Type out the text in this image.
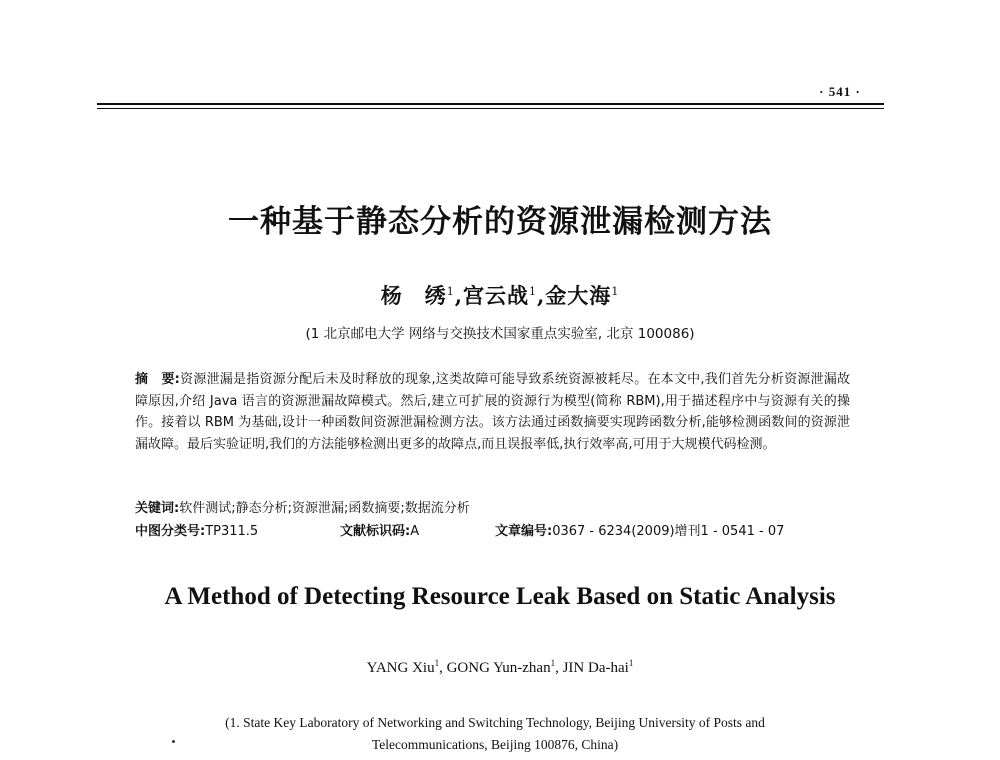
· 541 ·
一种基于静态分析的资源泄漏检测方法
杨　绣$^1$,宫云战$^1$,金大海$^1$
(1 北京邮电大学 网络与交换技术国家重点实验室, 北京 100086)
摘　要:资源泄漏是指资源分配后未及时释放的现象,这类故障可能导致系统资源被耗尽。在本文中,我们首先分析资源泄漏故障原因,介绍 Java 语言的资源泄漏故障模式。然后,建立可扩展的资源行为模型(简称 RBM),用于描述程序中与资源有关的操作。接着以 RBM 为基础,设计一种函数间资源泄漏检测方法。该方法通过函数摘要实现跨函数分析,能够检测函数间的资源泄漏故障。最后实验证明,我们的方法能够检测出更多的故障点,而且误报率低,执行效率高,可用于大规模代码检测。
关键词:软件测试;静态分析;资源泄漏;函数摘要;数据流分析
中图分类号:TP311.5	文献标识码:A	文章编号:0367 - 6234(2009)增刊1 - 0541 - 07
A Method of Detecting Resource Leak Based on Static Analysis
YANG Xiu$^1$, GONG Yun-zhan$^1$, JIN Da-hai$^1$
(1. State Key Laboratory of Networking and Switching Technology, Beijing University of Posts and
Telecommunications, Beijing 100876, China)
